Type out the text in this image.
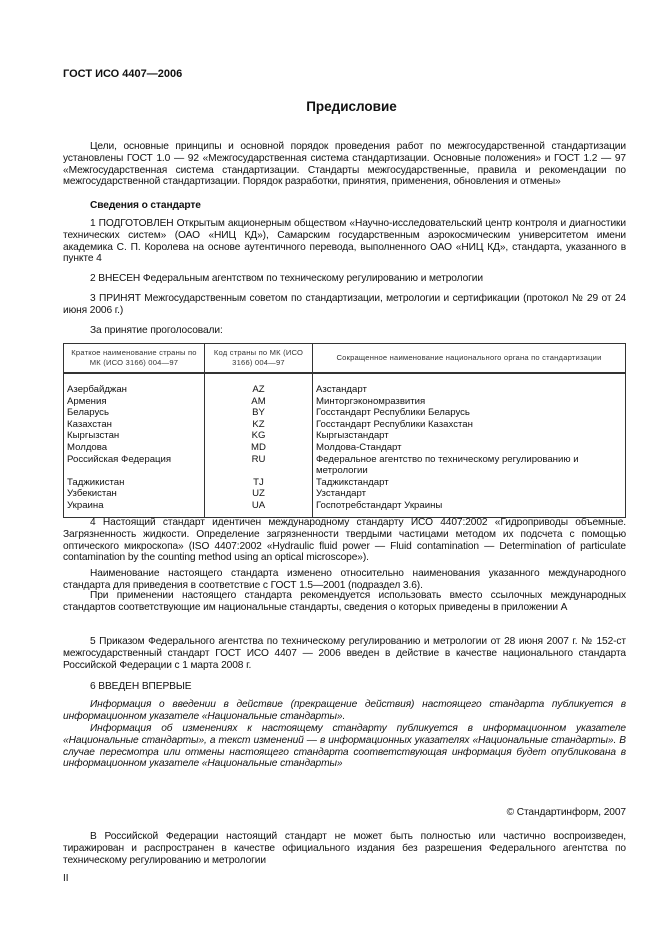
ГОСТ ИСО 4407—2006
Предисловие

Цели, основные принципы и основной порядок проведения работ по межгосударственной стандартизации установлены ГОСТ 1.0 — 92 «Межгосударственная система стандартизации. Основные положения» и ГОСТ 1.2 — 97 «Межгосударственная система стандартизации. Стандарты межгосударственные, правила и рекомендации по межгосударственной стандартизации. Порядок разработки, принятия, применения, обновления и отмены»

Сведения о стандарте

1 ПОДГОТОВЛЕН Открытым акционерным обществом «Научно-исследовательский центр контроля и диагностики технических систем» (ОАО «НИЦ КД»), Самарским государственным аэрокосмическим университетом имени академика С. П. Королева на основе аутентичного перевода, выполненного ОАО «НИЦ КД», стандарта, указанного в пункте 4

2 ВНЕСЕН Федеральным агентством по техническому регулированию и метрологии

3 ПРИНЯТ Межгосударственным советом по стандартизации, метрологии и сертификации (протокол № 29 от 24 июня 2006 г.)

За принятие проголосовали:

Краткое наименование страны по МК (ИСО 3166) 004—97	Код страны по МК (ИСО 3166) 004—97	Сокращенное наименование национального органа по стандартизации
Азербайджан	AZ	Азстандарт
Армения	AM	Минторгэкономразвития
Беларусь	BY	Госстандарт Республики Беларусь
Казахстан	KZ	Госстандарт Республики Казахстан
Кыргызстан	KG	Кыргызстандарт
Молдова	MD	Молдова-Стандарт
Российская Федерация	RU	Федеральное агентство по техническому регулированию и метрологии
Таджикистан	TJ	Таджикстандарт
Узбекистан	UZ	Узстандарт
Украина	UA	Госпотребстандарт Украины

4 Настоящий стандарт идентичен международному стандарту ИСО 4407:2002 «Гидроприводы объемные. Загрязненность жидкости. Определение загрязненности твердыми частицами методом их подсчета с помощью оптического микроскопа» (ISO 4407:2002 «Hydraulic fluid power — Fluid contamination — Determination of particulate contamination by the counting method using an optical microscope»).

Наименование настоящего стандарта изменено относительно наименования указанного международного стандарта для приведения в соответствие с ГОСТ 1.5—2001 (подраздел 3.6).

При применении настоящего стандарта рекомендуется использовать вместо ссылочных международных стандартов соответствующие им национальные стандарты, сведения о которых приведены в приложении А

5 Приказом Федерального агентства по техническому регулированию и метрологии от 28 июня 2007 г. № 152-ст межгосударственный стандарт ГОСТ ИСО 4407 — 2006 введен в действие в качестве национального стандарта Российской Федерации с 1 марта 2008 г.

6 ВВЕДЕН ВПЕРВЫЕ

Информация о введении в действие (прекращение действия) настоящего стандарта публикуется в информационном указателе «Национальные стандарты».

Информация об изменениях к настоящему стандарту публикуется в информационном указателе «Национальные стандарты», а текст изменений — в информационных указателях «Национальные стандарты». В случае пересмотра или отмены настоящего стандарта соответствующая информация будет опубликована в информационном указателе «Национальные стандарты»

© Стандартинформ, 2007

В Российской Федерации настоящий стандарт не может быть полностью или частично воспроизведен, тиражирован и распространен в качестве официального издания без разрешения Федерального агентства по техническому регулированию и метрологии

II
